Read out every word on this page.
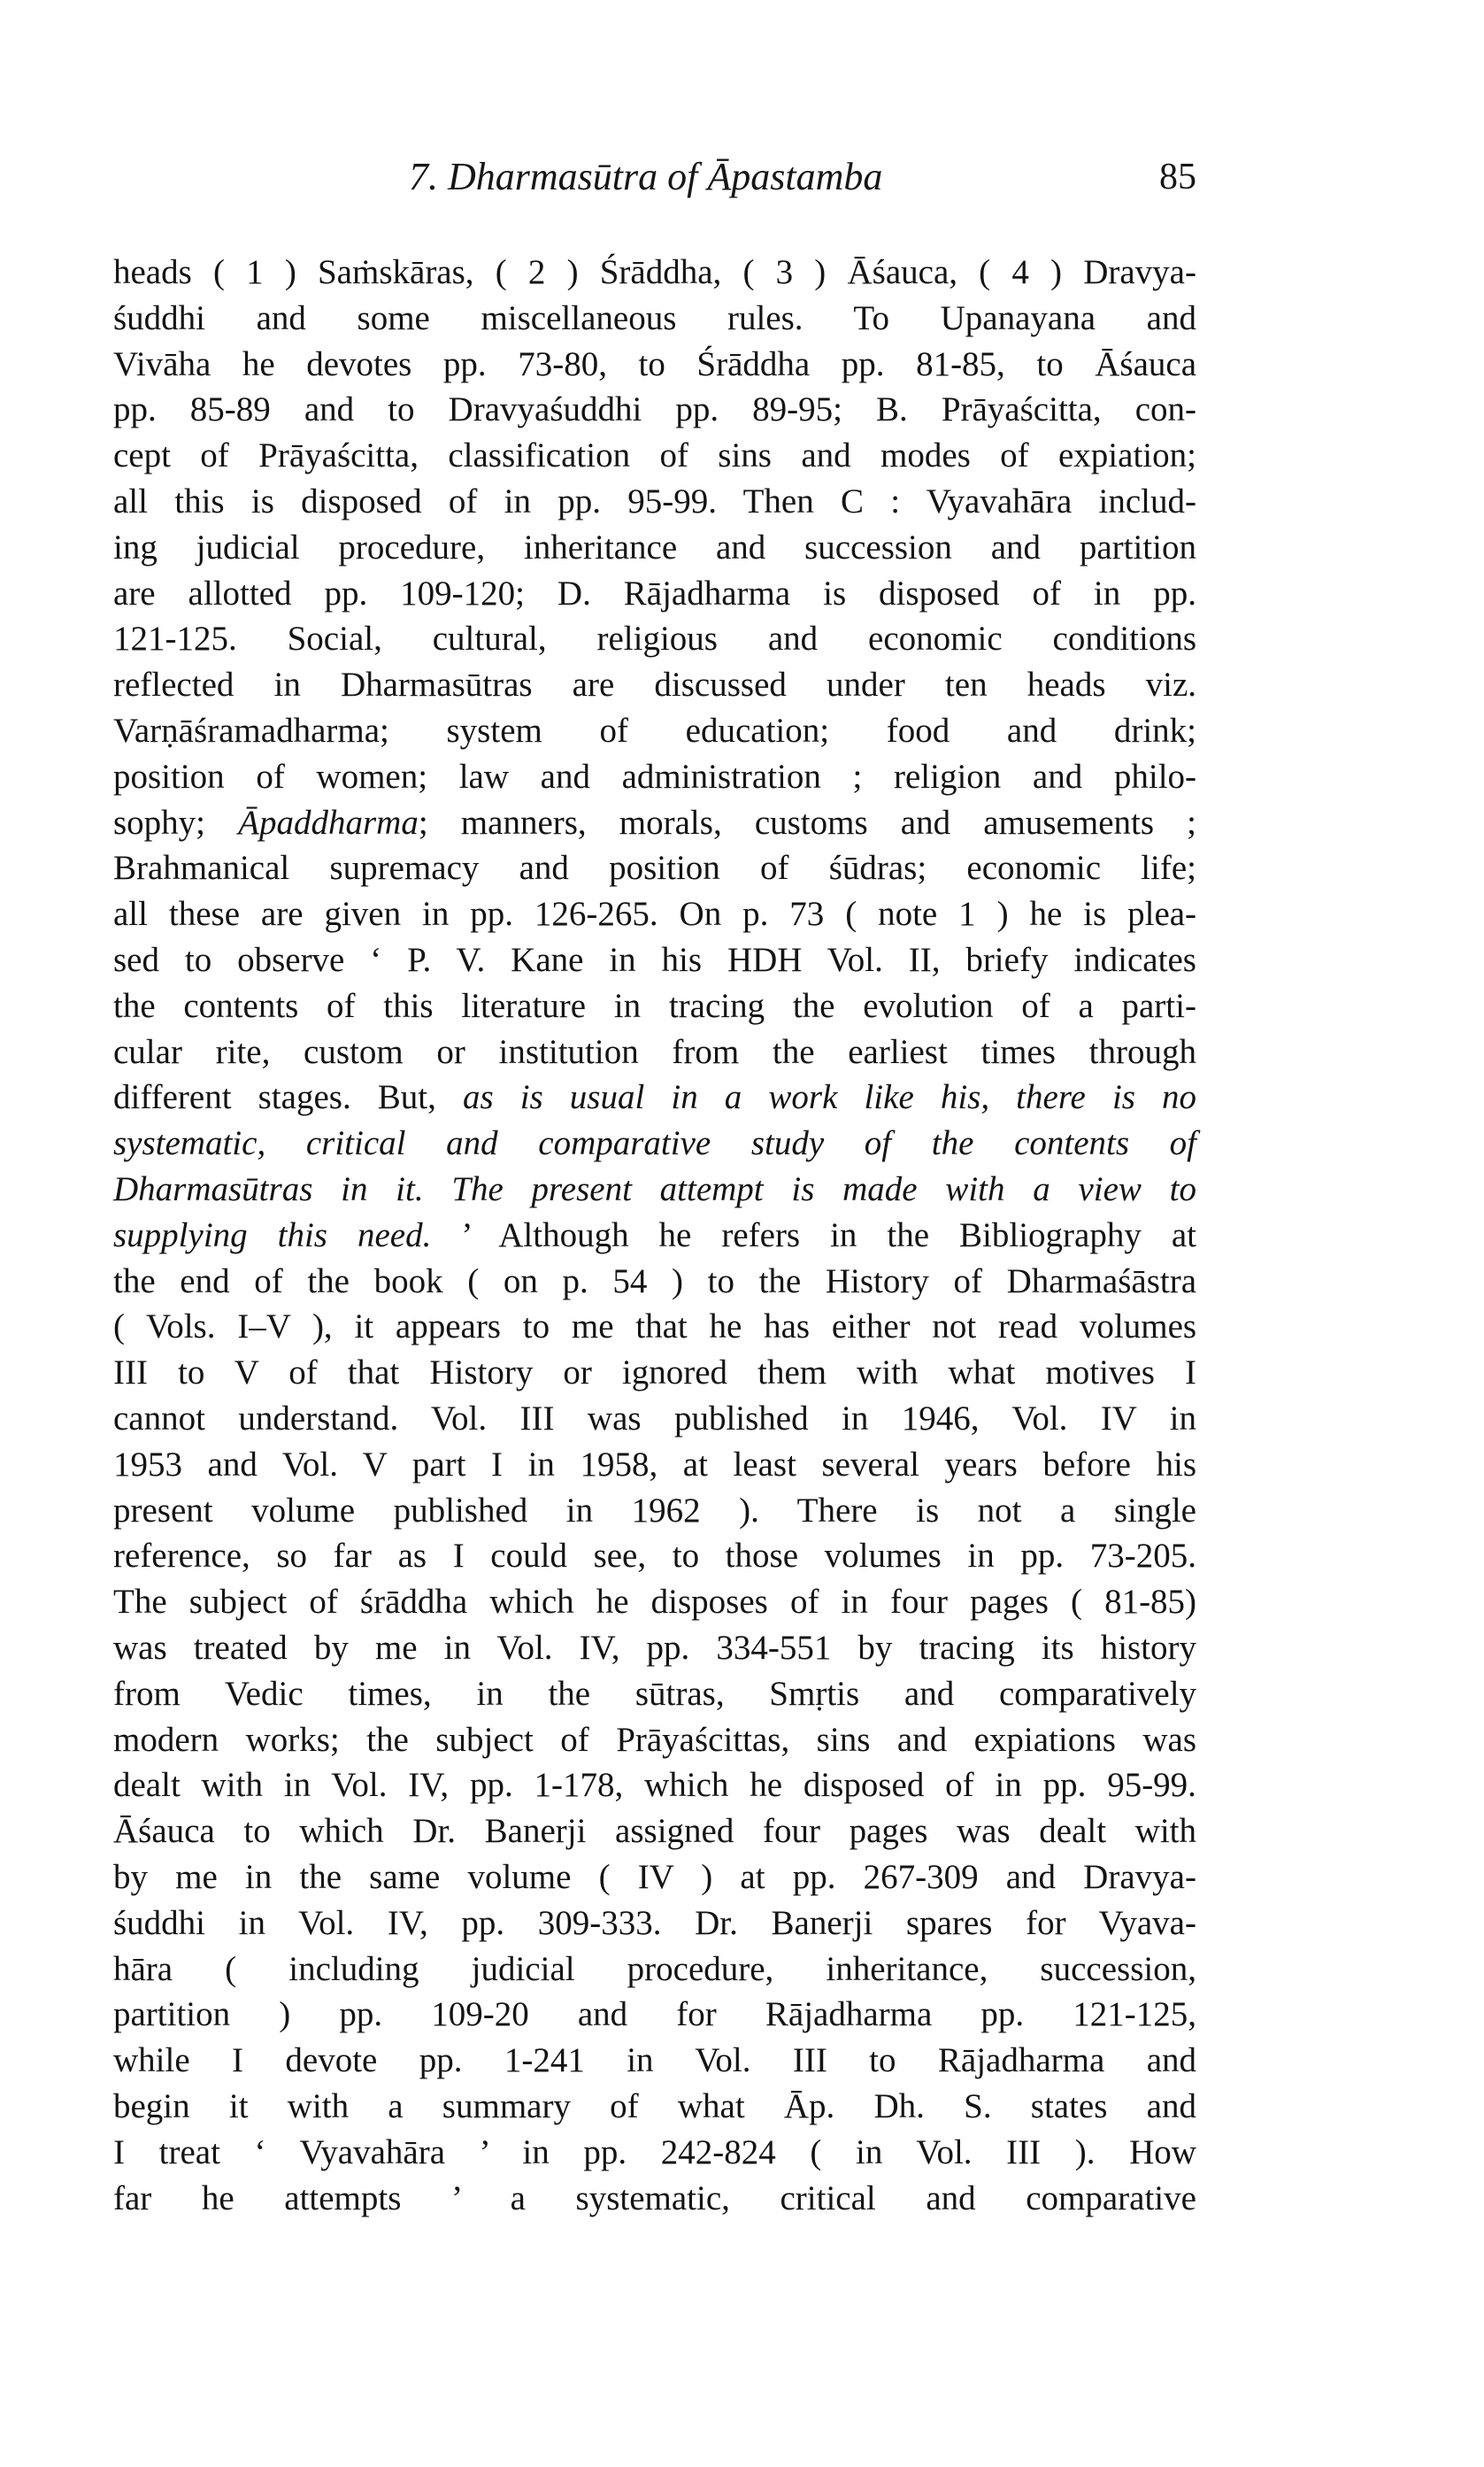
7. Dharmasūtra of Āpastamba	85
heads ( 1 ) Saṁskāras, ( 2 ) Śrāddha, ( 3 ) Āśauca, ( 4 ) Dravya-
śuddhi and some miscellaneous rules. To Upanayana and
Vivāha he devotes pp. 73-80, to Śrāddha pp. 81-85, to Āśauca
pp. 85-89 and to Dravyaśuddhi pp. 89-95; B. Prāyaścitta, con-
cept of Prāyaścitta, classification of sins and modes of expiation;
all this is disposed of in pp. 95-99. Then C : Vyavahāra includ-
ing judicial procedure, inheritance and succession and partition
are allotted pp. 109-120; D. Rājadharma is disposed of in pp.
121-125. Social, cultural, religious and economic conditions
reflected in Dharmasūtras are discussed under ten heads viz.
Varṇāśramadharma; system of education; food and drink;
position of women; law and administration ; religion and philo-
sophy; Āpaddharma; manners, morals, customs and amusements ;
Brahmanical supremacy and position of śūdras; economic life;
all these are given in pp. 126-265. On p. 73 ( note 1 ) he is plea-
sed to observe ‘ P. V. Kane in his HDH Vol. II, briefy indicates
the contents of this literature in tracing the evolution of a parti-
cular rite, custom or institution from the earliest times through
different stages. But, as is usual in a work like his, there is no
systematic, critical and comparative study of the contents of
Dharmasūtras in it. The present attempt is made with a view to
supplying this need. ’ Although he refers in the Bibliography at
the end of the book ( on p. 54 ) to the History of Dharmaśāstra
( Vols. I–V ), it appears to me that he has either not read volumes
III to V of that History or ignored them with what motives I
cannot understand. Vol. III was published in 1946, Vol. IV in
1953 and Vol. V part I in 1958, at least several years before his
present volume published in 1962 ). There is not a single
reference, so far as I could see, to those volumes in pp. 73-205.
The subject of śrāddha which he disposes of in four pages ( 81-85)
was treated by me in Vol. IV, pp. 334-551 by tracing its history
from Vedic times, in the sūtras, Smṛtis and comparatively
modern works; the subject of Prāyaścittas, sins and expiations was
dealt with in Vol. IV, pp. 1-178, which he disposed of in pp. 95-99.
Āśauca to which Dr. Banerji assigned four pages was dealt with
by me in the same volume ( IV ) at pp. 267-309 and Dravya-
śuddhi in Vol. IV, pp. 309-333. Dr. Banerji spares for Vyava-
hāra ( including judicial procedure, inheritance, succession,
partition ) pp. 109-20 and for Rājadharma pp. 121-125,
while I devote pp. 1-241 in Vol. III to Rājadharma and
begin it with a summary of what Āp. Dh. S. states and
I treat ‘ Vyavahāra ’ in pp. 242-824 ( in Vol. III ). How
far he attempts ’ a systematic, critical and comparative
